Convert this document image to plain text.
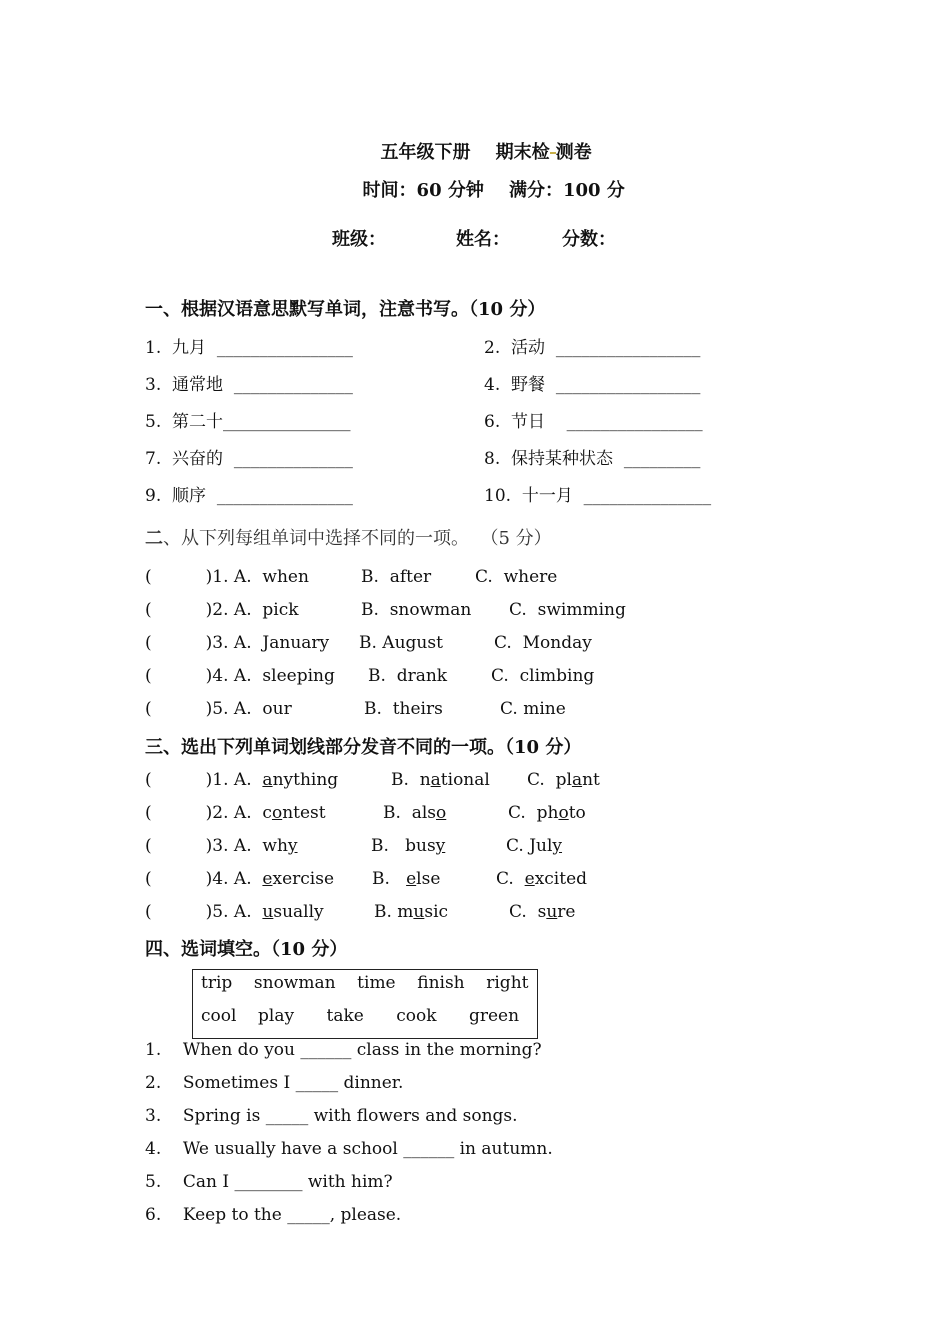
五年级下册 期末检 测卷

时间：60 分钟 满分：100 分

班级：	姓名：	分数：
一、根据汉语意思默写单词，注意书写。（10 分）
1.  九月  ________________	2.  活动  _________________
3.  通常地  ______________	4.  野餐  _________________
5.  第二十_______________	6.  节日    ________________
7.  兴奋的  ______________	8.  保持某种状态  _________
9.  顺序  ________________	10.  十一月  _______________
二、从下列每组单词中选择不同的一项。  （5 分）
(          )1. A.  when	B.  after	C.  where
(          )2. A.  pick	B.  snowman C.  swimming
(          )3. A.  January B. August	C.  Monday
(          )4. A.  sleeping B.  drank	C.  climbing
(          )5. A.  our	B.  theirs	C. mine
三、选出下列单词划线部分发音不同的一项。（10 分）
(          )1. A.  anything	B.  national C.  plant
(          )2. A.  contest	B.  also	C.  photo
(          )3. A.  why	B.   busy	C. July
(          )4. A.  exercise B.   else	C.  excited
(          )5. A.  usually	B. music	C.  sure
四、选词填空。（10 分）
trip    snowman    time    finish    right
cool    play      take      cook      green
1.    When do you ______ class in the morning?
2.    Sometimes I _____ dinner.
3.    Spring is _____ with flowers and songs.
4.    We usually have a school ______ in autumn.
5.    Can I ________ with him?
6.    Keep to the _____, please.
